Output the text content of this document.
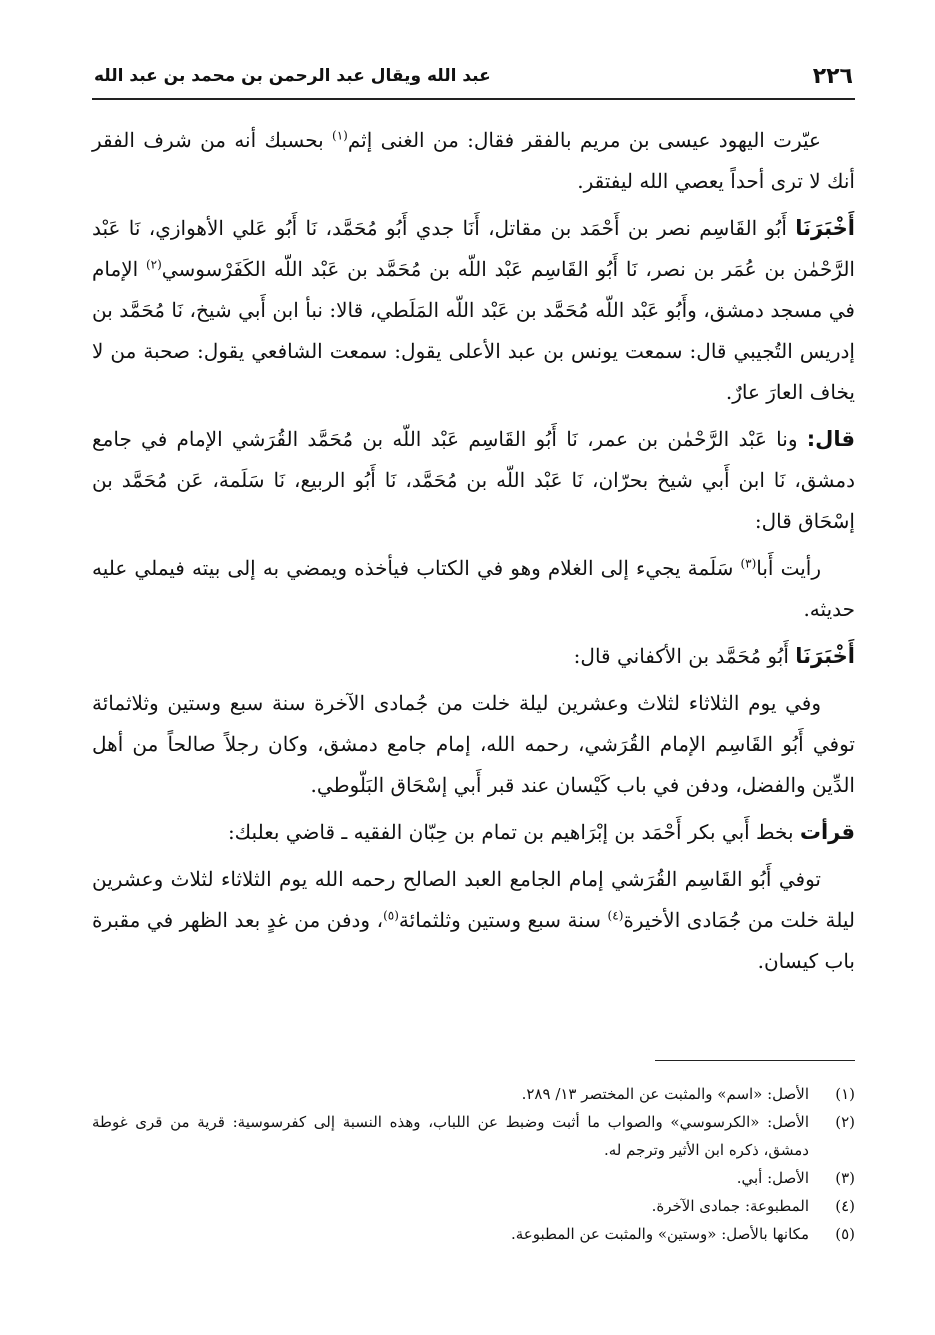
٢٢٦
عبد الله ويقال عبد الرحمن بن محمد بن عبد الله

عيّرت اليهود عيسى بن مريم بالفقر فقال: من الغنى إثم$^{(١)}$ بحسبك أنه من شرف الفقر أنك لا ترى أحداً يعصي الله ليفتقر.

أَخْبَرَنَا أَبُو القَاسِم نصر بن أَحْمَد بن مقاتل، أَنَا جدي أَبُو مُحَمَّد، نَا أَبُو عَلي الأهوازي، نَا عَبْد الرَّحْمٰن بن عُمَر بن نصر، نَا أَبُو القَاسِم عَبْد اللّه بن مُحَمَّد بن عَبْد اللّه الكَفَرْسوسي$^{(٢)}$ الإمام في مسجد دمشق، وأَبُو عَبْد اللّه مُحَمَّد بن عَبْد اللّه المَلَطي، قالا: نبأ ابن أَبي شيخ، نَا مُحَمَّد بن إدريس التُجيبي قال: سمعت يونس بن عبد الأعلى يقول: سمعت الشافعي يقول: صحبة من لا يخاف العارَ عارٌ.

قال: ونا عَبْد الرَّحْمٰن بن عمر، نَا أَبُو القَاسِم عَبْد اللّه بن مُحَمَّد القُرَشي الإمام في جامع دمشق، نَا ابن أَبي شيخ بحرّان، نَا عَبْد اللّه بن مُحَمَّد، نَا أَبُو الربيع، نَا سَلَمة، عَن مُحَمَّد بن إسْحَاق قال:

رأيت أَبا$^{(٣)}$ سَلَمة يجيء إلى الغلام وهو في الكتاب فيأخذه ويمضي به إلى بيته فيملي عليه حديثه.

أَخْبَرَنَا أَبُو مُحَمَّد بن الأكفاني قال:

وفي يوم الثلاثاء لثلاث وعشرين ليلة خلت من جُمادى الآخرة سنة سبع وستين وثلاثمائة توفي أَبُو القَاسِم الإمام القُرَشي، رحمه الله، إمام جامع دمشق، وكان رجلاً صالحاً من أهل الدِّين والفضل، ودفن في باب كَيْسان عند قبر أَبي إسْحَاق البَلّوطي.

قرأت بخط أَبي بكر أَحْمَد بن إبْرَاهيم بن تمام بن حِبّان الفقيه ـ قاضي بعلبك:

توفي أَبُو القَاسِم القُرَشي إمام الجامع العبد الصالح رحمه الله يوم الثلاثاء لثلاث وعشرين ليلة خلت من جُمَادى الأخيرة$^{(٤)}$ سنة سبع وستين وثلثمائة$^{(٥)}$، ودفن من غدٍ بعد الظهر في مقبرة باب كيسان.

(١)
الأصل: «اسم» والمثبت عن المختصر ١٣/ ٢٨٩.
(٢)
الأصل: «الكرسوسي» والصواب ما أثبت وضبط عن اللباب، وهذه النسبة إلى كفرسوسية: قرية من قرى غوطة دمشق، ذكره ابن الأثير وترجم له.
(٣)
الأصل: أبي.
(٤)
المطبوعة: جمادى الآخرة.
(٥)
مكانها بالأصل: «وستين» والمثبت عن المطبوعة.
